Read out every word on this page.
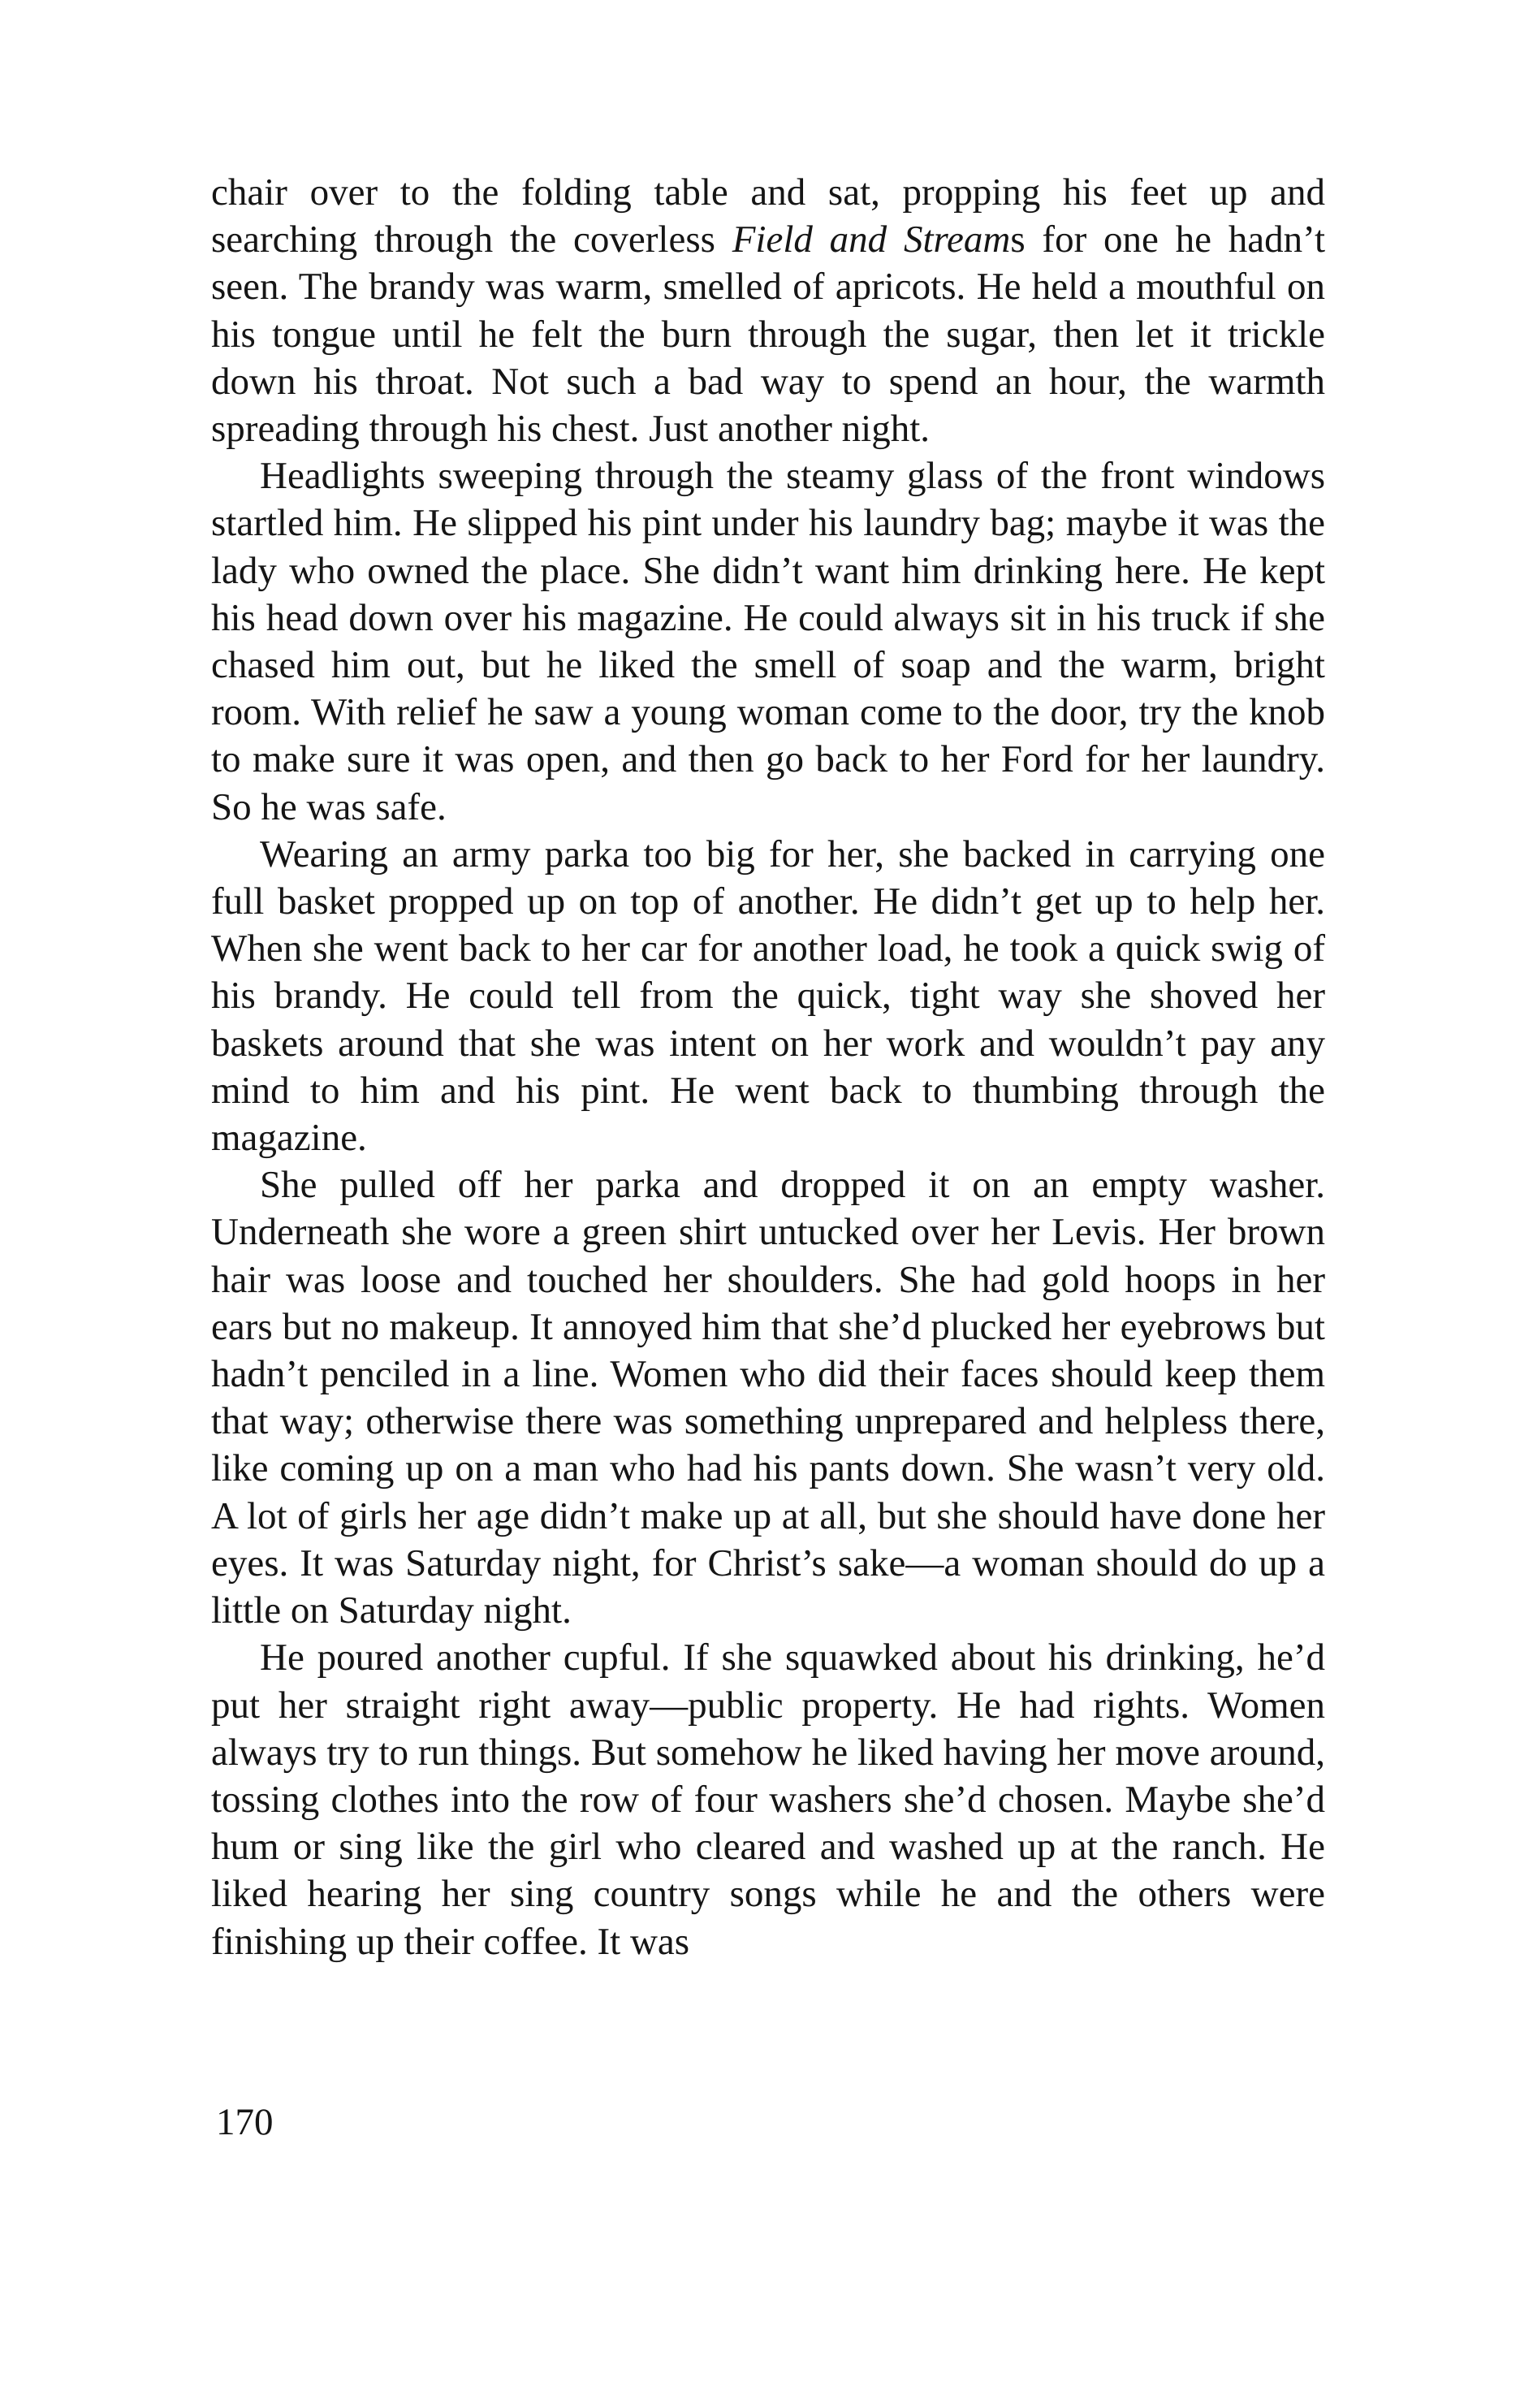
chair over to the folding table and sat, propping his feet up and searching through the coverless Field and Streams for one he hadn’t seen. The brandy was warm, smelled of apricots. He held a mouthful on his tongue until he felt the burn through the sugar, then let it trickle down his throat. Not such a bad way to spend an hour, the warmth spreading through his chest. Just another night.

Headlights sweeping through the steamy glass of the front windows startled him. He slipped his pint under his laundry bag; maybe it was the lady who owned the place. She didn’t want him drinking here. He kept his head down over his magazine. He could always sit in his truck if she chased him out, but he liked the smell of soap and the warm, bright room. With relief he saw a young woman come to the door, try the knob to make sure it was open, and then go back to her Ford for her laundry. So he was safe.

Wearing an army parka too big for her, she backed in carrying one full basket propped up on top of another. He didn’t get up to help her. When she went back to her car for another load, he took a quick swig of his brandy. He could tell from the quick, tight way she shoved her baskets around that she was intent on her work and wouldn’t pay any mind to him and his pint. He went back to thumbing through the magazine.

She pulled off her parka and dropped it on an empty washer. Underneath she wore a green shirt untucked over her Levis. Her brown hair was loose and touched her shoulders. She had gold hoops in her ears but no makeup. It annoyed him that she’d plucked her eyebrows but hadn’t penciled in a line. Women who did their faces should keep them that way; otherwise there was something unprepared and helpless there, like coming up on a man who had his pants down. She wasn’t very old. A lot of girls her age didn’t make up at all, but she should have done her eyes. It was Saturday night, for Christ’s sake—a woman should do up a little on Saturday night.

He poured another cupful. If she squawked about his drinking, he’d put her straight right away—public property. He had rights. Women always try to run things. But somehow he liked having her move around, tossing clothes into the row of four washers she’d chosen. Maybe she’d hum or sing like the girl who cleared and washed up at the ranch. He liked hearing her sing country songs while he and the others were finishing up their coffee. It was

170
